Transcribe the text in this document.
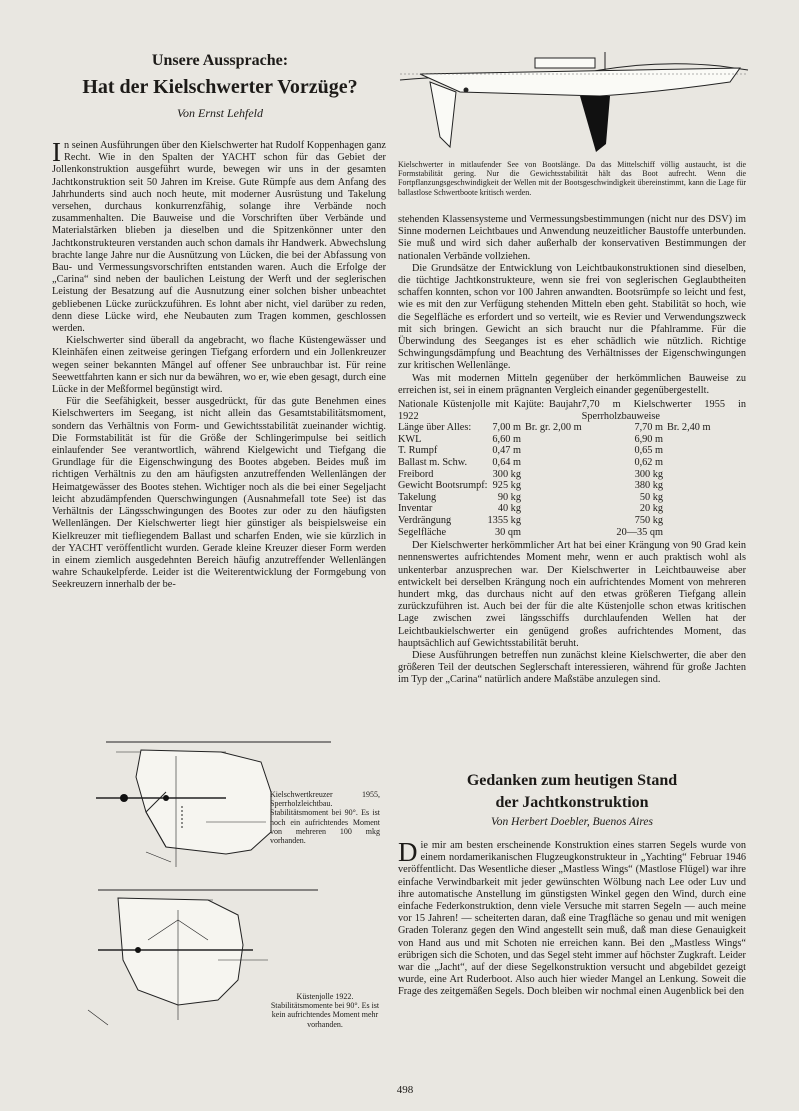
Unsere Aussprache:
Hat der Kielschwerter Vorzüge?
Von Ernst Lehfeld
Kielschwerter in mitlaufender See von Bootslänge. Da das Mittelschiff völlig austaucht, ist die Formstabilität gering. Nur die Gewichtsstabilität hält das Boot aufrecht. Wenn die Fortpflanzungsgeschwindigkeit der Wellen mit der Bootsgeschwindigkeit übereinstimmt, kann die Lage für ballastlose Schwertboote kritisch werden.

In seinen Ausführungen über den Kielschwerter hat Rudolf Koppenhagen ganz Recht. Wie in den Spalten der YACHT schon für das Gebiet der Jollenkonstruktion ausgeführt wurde, bewegen wir uns in der gesamten Jachtkonstruktion seit 50 Jahren im Kreise. Gute Rümpfe aus dem Anfang des Jahrhunderts sind auch noch heute, mit moderner Ausrüstung und Takelung versehen, durchaus konkurrenzfähig, solange ihre Verbände noch zusammenhalten. Die Bauweise und die Vorschriften über Verbände und Materialstärken blieben ja dieselben und die Spitzenkönner unter den Jachtkonstrukteuren verstanden auch schon damals ihr Handwerk. Abwechslung brachte lange Jahre nur die Ausnützung von Lücken, die bei der Abfassung von Bau- und Vermessungsvorschriften entstanden waren. Auch die Erfolge der „Carina“ sind neben der baulichen Leistung der Werft und der seglerischen Leistung der Besatzung auf die Ausnutzung einer solchen bisher unbeachtet gebliebenen Lücke zurückzuführen. Es lohnt aber nicht, viel darüber zu reden, denn diese Lücke wird, ehe Neubauten zum Tragen kommen, geschlossen werden.

Kielschwerter sind überall da angebracht, wo flache Küstengewässer und Kleinhäfen einen zeitweise geringen Tiefgang erfordern und ein Jollenkreuzer wegen seiner bekannten Mängel auf offener See unbrauchbar ist. Für reine Seewettfahrten kann er sich nur da bewähren, wo er, wie eben gesagt, durch eine Lücke in der Meßformel begünstigt wird.

Für die Seefähigkeit, besser ausgedrückt, für das gute Benehmen eines Kielschwerters im Seegang, ist nicht allein das Gesamtstabilitätsmoment, sondern das Verhältnis von Form- und Gewichtsstabilität zueinander wichtig. Die Formstabilität ist für die Größe der Schlingerimpulse bei seitlich einlaufender See verantwortlich, während Kielgewicht und Tiefgang die Grundlage für die Eigenschwingung des Bootes abgeben. Beides muß im richtigen Verhältnis zu den am häufigsten anzutreffenden Wellenlängen der Heimatgewässer des Bootes stehen. Wichtiger noch als die bei einer Segeljacht leicht abzudämpfenden Querschwingungen (Ausnahmefall tote See) ist das Verhältnis der Längsschwingungen des Bootes zur oder zu den häufigsten Wellenlängen. Der Kielschwerter liegt hier günstiger als beispielsweise ein Kielkreuzer mit tiefliegendem Ballast und scharfen Enden, wie sie kürzlich in der YACHT veröffentlicht wurden. Gerade kleine Kreuzer dieser Form werden in einem ziemlich ausgedehnten Bereich häufig anzutreffender Wellenlängen wahre Schaukelpferde. Leider ist die Weiterentwicklung der Formgebung von Seekreuzern innerhalb der be-

stehenden Klassensysteme und Vermessungsbestimmungen (nicht nur des DSV) im Sinne modernen Leichtbaues und Anwendung neuzeitlicher Baustoffe unterbunden. Sie muß und wird sich daher außerhalb der konservativen Bestimmungen der nationalen Verbände vollziehen.

Die Grundsätze der Entwicklung von Leichtbaukonstruktionen sind dieselben, die tüchtige Jachtkonstrukteure, wenn sie frei von seglerischen Geglaubtheiten schaffen konnten, schon vor 100 Jahren anwandten. Bootsrümpfe so leicht und fest, wie es mit den zur Verfügung stehenden Mitteln eben geht. Stabilität so hoch, wie die Segelfläche es erfordert und so verteilt, wie es Revier und Verwendungszweck mit sich bringen. Gewicht an sich braucht nur die Pfahlramme. Für die Überwindung des Seeganges ist es eher schädlich wie nützlich. Richtige Schwingungsdämpfung und Beachtung des Verhältnisses der Eigenschwingungen zur kritischen Wellenlänge.

Was mit modernen Mitteln gegenüber der herkömmlichen Bauweise zu erreichen ist, sei in einem prägnanten Vergleich einander gegenübergestellt.

Nationale Küstenjolle mit Kajüte: Baujahr 1922			7,70 m Kielschwerter 1955 in Sperrholzbauweise	
Länge über Alles:	7,00 m	Br. gr. 2,00 m	7,70 m	Br. 2,40 m
KWL	6,60 m		6,90 m	
T. Rumpf	0,47 m		0,65 m	
Ballast m. Schw.	0,64 m		0,62 m	
Freibord	300 kg		300 kg	
Gewicht Bootsrumpf:	925 kg		380 kg	
Takelung	90 kg		50 kg	
Inventar	40 kg		20 kg	
Verdrängung	1355 kg		750 kg	
Segelfläche	30 qm		20—35 qm	

Der Kielschwerter herkömmlicher Art hat bei einer Krängung von 90 Grad kein nennenswertes aufrichtendes Moment mehr, wenn er auch praktisch wohl als unkenterbar anzusprechen war. Der Kielschwerter in Leichtbauweise aber entwickelt bei derselben Krängung noch ein aufrichtendes Moment von mehreren hundert mkg, das durchaus nicht auf den etwas größeren Tiefgang allein zurückzuführen ist. Auch bei der für die alte Küstenjolle schon etwas kritischen Lage zwischen zwei längsschiffs durchlaufenden Wellen hat der Leichtbaukielschwerter ein genügend großes aufrichtendes Moment, das hauptsächlich auf Gewichtsstabilität beruht.

Diese Ausführungen betreffen nun zunächst kleine Kielschwerter, die aber den größeren Teil der deutschen Seglerschaft interessieren, während für große Jachten im Typ der „Carina“ natürlich andere Maßstäbe anzulegen sind.

Kielschwertkreuzer 1955, Sperrholzleichtbau. Stabilitätsmoment bei 90°. Es ist noch ein aufrichtendes Moment von mehreren 100 mkg vorhanden.
Küstenjolle 1922. Stabilitätsmomente bei 90°. Es ist kein aufrichtendes Moment mehr vorhanden.
Gedanken zum heutigen Stand
der Jachtkonstruktion
Von Herbert Doebler, Buenos Aires

Die mir am besten erscheinende Konstruktion eines starren Segels wurde von einem nordamerikanischen Flugzeugkonstrukteur in „Yachting“ Februar 1946 veröffentlicht. Das Wesentliche dieser „Mastless Wings“ (Mastlose Flügel) war ihre einfache Verwindbarkeit mit jeder gewünschten Wölbung nach Lee oder Luv und ihre automatische Anstellung im günstigsten Winkel gegen den Wind, durch eine einfache Federkonstruktion, denn viele Versuche mit starren Segeln — auch meine vor 15 Jahren! — scheiterten daran, daß eine Tragfläche so genau und mit wenigen Graden Toleranz gegen den Wind angestellt sein muß, daß man diese Genauigkeit von Hand aus und mit Schoten nie erreichen kann. Bei den „Mastless Wings“ erübrigen sich die Schoten, und das Segel steht immer auf höchster Zugkraft. Leider war die „Jacht“, auf der diese Segelkonstruktion versucht und abgebildet gezeigt wurde, eine Art Ruderboot. Also auch hier wieder Mangel an Lenkung. Soweit die Frage des zeitgemäßen Segels. Doch bleiben wir nochmal einen Augenblick bei den

498
